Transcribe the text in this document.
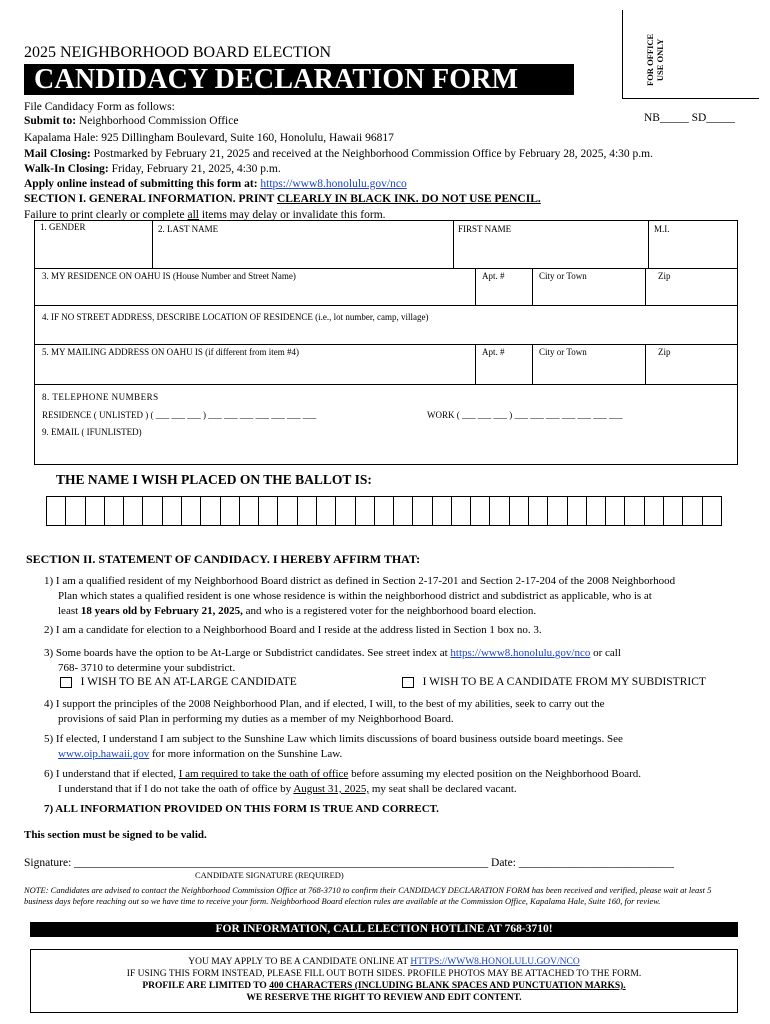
FOR OFFICE
USE ONLY
NB_____ SD_____
2025 NEIGHBORHOOD BOARD ELECTION
CANDIDACY DECLARATION FORM
File Candidacy Form as follows:
Submit to: Neighborhood Commission Office
Kapalama Hale: 925 Dillingham Boulevard, Suite 160, Honolulu, Hawaii 96817
Mail Closing: Postmarked by February 21, 2025 and received at the Neighborhood Commission Office by February 28, 2025, 4:30 p.m.
Walk-In Closing: Friday, February 21, 2025, 4:30 p.m.
Apply online instead of submitting this form at: https://www8.honolulu.gov/nco
SECTION I. GENERAL INFORMATION. PRINT CLEARLY IN BLACK INK. DO NOT USE PENCIL.
Failure to print clearly or complete all items may delay or invalidate this form.
1. GENDER	2. LAST NAME	FIRST NAME	M.I.
3. MY RESIDENCE ON OAHU IS (House Number and Street Name)	Apt. #	City or Town	Zip
4. IF NO STREET ADDRESS, DESCRIBE LOCATION OF RESIDENCE (i.e., lot number, camp, village)
5. MY MAILING ADDRESS ON OAHU IS (if different from item #4)	Apt. #	City or Town	Zip
8. TELEPHONE NUMBERS
RESIDENCE ( UNLISTED ) ( ___ ___ ___ ) ___ ___ ___ ___ ___ ___ ___	WORK ( ___ ___ ___ ) ___ ___ ___ ___ ___ ___ ___
9. EMAIL ( IFUNLISTED)
THE NAME I WISH PLACED ON THE BALLOT IS:
SECTION II. STATEMENT OF CANDIDACY. I HEREBY AFFIRM THAT:
1) I am a qualified resident of my Neighborhood Board district as defined in Section 2-17-201 and Section 2-17-204 of the 2008 Neighborhood
Plan which states a qualified resident is one whose residence is within the neighborhood district and subdistrict as applicable, who is at
least 18 years old by February 21, 2025, and who is a registered voter for the neighborhood board election.
2) I am a candidate for election to a Neighborhood Board and I reside at the address listed in Section 1 box no. 3.
3) Some boards have the option to be At-Large or Subdistrict candidates. See street index at https://www8.honolulu.gov/nco or call
768- 3710 to determine your subdistrict.
I WISH TO BE AN AT-LARGE CANDIDATE	I WISH TO BE A CANDIDATE FROM MY SUBDISTRICT
4) I support the principles of the 2008 Neighborhood Plan, and if elected, I will, to the best of my abilities, seek to carry out the
provisions of said Plan in performing my duties as a member of my Neighborhood Board.
5) If elected, I understand I am subject to the Sunshine Law which limits discussions of board business outside board meetings. See
www.oip.hawaii.gov for more information on the Sunshine Law.
6) I understand that if elected, I am required to take the oath of office before assuming my elected position on the Neighborhood Board.
I understand that if I do not take the oath of office by August 31, 2025, my seat shall be declared vacant.
7) ALL INFORMATION PROVIDED ON THIS FORM IS TRUE AND CORRECT.
This section must be signed to be valid.
Signature: ________________________________________________________________________ Date: ___________________________
CANDIDATE SIGNATURE (REQUIRED)
NOTE: Candidates are advised to contact the Neighborhood Commission Office at 768-3710 to confirm their CANDIDACY DECLARATION FORM has been received and verified, please wait at least 5 business days before reaching out so we have time to receive your form. Neighborhood Board election rules are available at the Commission Office, Kapalama Hale, Suite 160, for review.
FOR INFORMATION, CALL ELECTION HOTLINE AT 768-3710!
YOU MAY APPLY TO BE A CANDIDATE ONLINE AT HTTPS://WWW8.HONOLULU.GOV/NCO
IF USING THIS FORM INSTEAD, PLEASE FILL OUT BOTH SIDES. PROFILE PHOTOS MAY BE ATTACHED TO THE FORM.
PROFILE ARE LIMITED TO 400 CHARACTERS (INCLUDING BLANK SPACES AND PUNCTUATION MARKS).
WE RESERVE THE RIGHT TO REVIEW AND EDIT CONTENT.
